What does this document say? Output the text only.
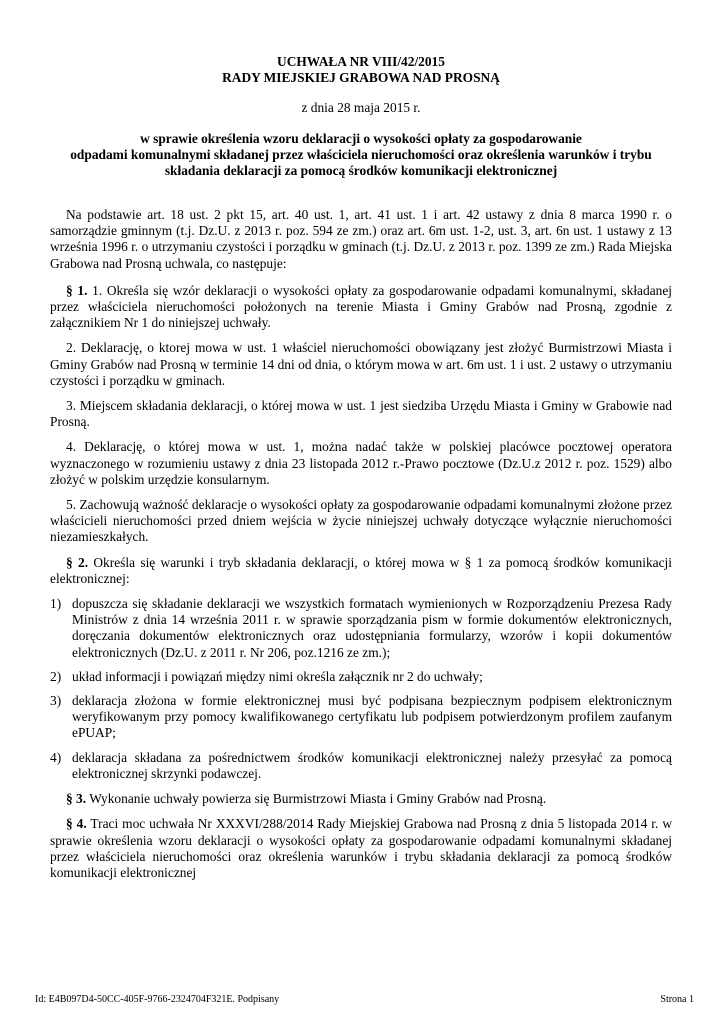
UCHWAŁA NR VIII/42/2015
RADY MIEJSKIEJ GRABOWA NAD PROSNĄ
z dnia 28 maja 2015 r.
w sprawie określenia wzoru deklaracji o wysokości opłaty za gospodarowanie
odpadami komunalnymi składanej przez właściciela nieruchomości oraz określenia warunków i trybu
składania deklaracji za pomocą środków komunikacji elektronicznej

Na podstawie art. 18 ust. 2 pkt 15, art. 40 ust. 1, art. 41 ust. 1 i art. 42 ustawy z dnia 8 marca 1990 r. o samorządzie gminnym (t.j. Dz.U. z 2013 r. poz. 594 ze zm.) oraz art. 6m ust. 1-2, ust. 3, art. 6n ust. 1 ustawy z 13 września 1996 r. o utrzymaniu czystości i porządku w gminach (t.j. Dz.U. z 2013 r. poz. 1399 ze zm.) Rada Miejska Grabowa nad Prosną uchwala, co następuje:

§ 1. 1. Określa się wzór deklaracji o wysokości opłaty za gospodarowanie odpadami komunalnymi, składanej przez właściciela nieruchomości położonych na terenie Miasta i Gminy Grabów nad Prosną, zgodnie z załącznikiem Nr 1 do niniejszej uchwały.

2. Deklarację, o ktorej mowa w ust. 1 właściel nieruchomości obowiązany jest złożyć Burmistrzowi Miasta i Gminy Grabów nad Prosną w terminie 14 dni od dnia, o którym mowa w art. 6m ust. 1 i ust. 2 ustawy o utrzymaniu czystości i porządku w gminach.

3. Miejscem składania deklaracji, o której mowa w ust. 1 jest siedziba Urzędu Miasta i Gminy w Grabowie nad Prosną.

4. Deklarację, o której mowa w ust. 1, można nadać także w polskiej placówce pocztowej operatora wyznaczonego w rozumieniu ustawy z dnia 23 listopada 2012 r.-Prawo pocztowe (Dz.U.z 2012 r. poz. 1529) albo złożyć w polskim urzędzie konsularnym.

5. Zachowują ważność deklaracje o wysokości opłaty za gospodarowanie odpadami komunalnymi złożone przez właścicieli nieruchomości przed dniem wejścia w życie niniejszej uchwały dotyczące wyłącznie nieruchomości niezamieszkałych.

§ 2. Określa się warunki i tryb składania deklaracji, o której mowa w § 1 za pomocą środków komunikacji elektronicznej:

1) dopuszcza się składanie deklaracji we wszystkich formatach wymienionych w Rozporządzeniu Prezesa Rady Ministrów z dnia 14 września 2011 r. w sprawie sporządzania pism w formie dokumentów elektronicznych, doręczania dokumentów elektronicznych oraz udostępniania formularzy, wzorów i kopii dokumentów elektronicznych (Dz.U. z 2011 r. Nr 206, poz.1216 ze zm.);
2) układ informacji i powiązań między nimi określa załącznik nr 2 do uchwały;
3) deklaracja złożona w formie elektronicznej musi być podpisana bezpiecznym podpisem elektronicznym weryfikowanym przy pomocy kwalifikowanego certyfikatu lub podpisem potwierdzonym profilem zaufanym ePUAP;
4) deklaracja składana za pośrednictwem środków komunikacji elektronicznej należy przesyłać za pomocą elektronicznej skrzynki podawczej.

§ 3. Wykonanie uchwały powierza się Burmistrzowi Miasta i Gminy Grabów nad Prosną.

§ 4. Traci moc uchwała Nr XXXVI/288/2014 Rady Miejskiej Grabowa nad Prosną z dnia 5 listopada 2014 r. w sprawie określenia wzoru deklaracji o wysokości opłaty za gospodarowanie odpadami komunalnymi składanej przez właściciela nieruchomości oraz określenia warunków i trybu składania deklaracji za pomocą środków komunikacji elektronicznej

Id: E4B097D4-50CC-405F-9766-2324704F321E. Podpisany	Strona 1
